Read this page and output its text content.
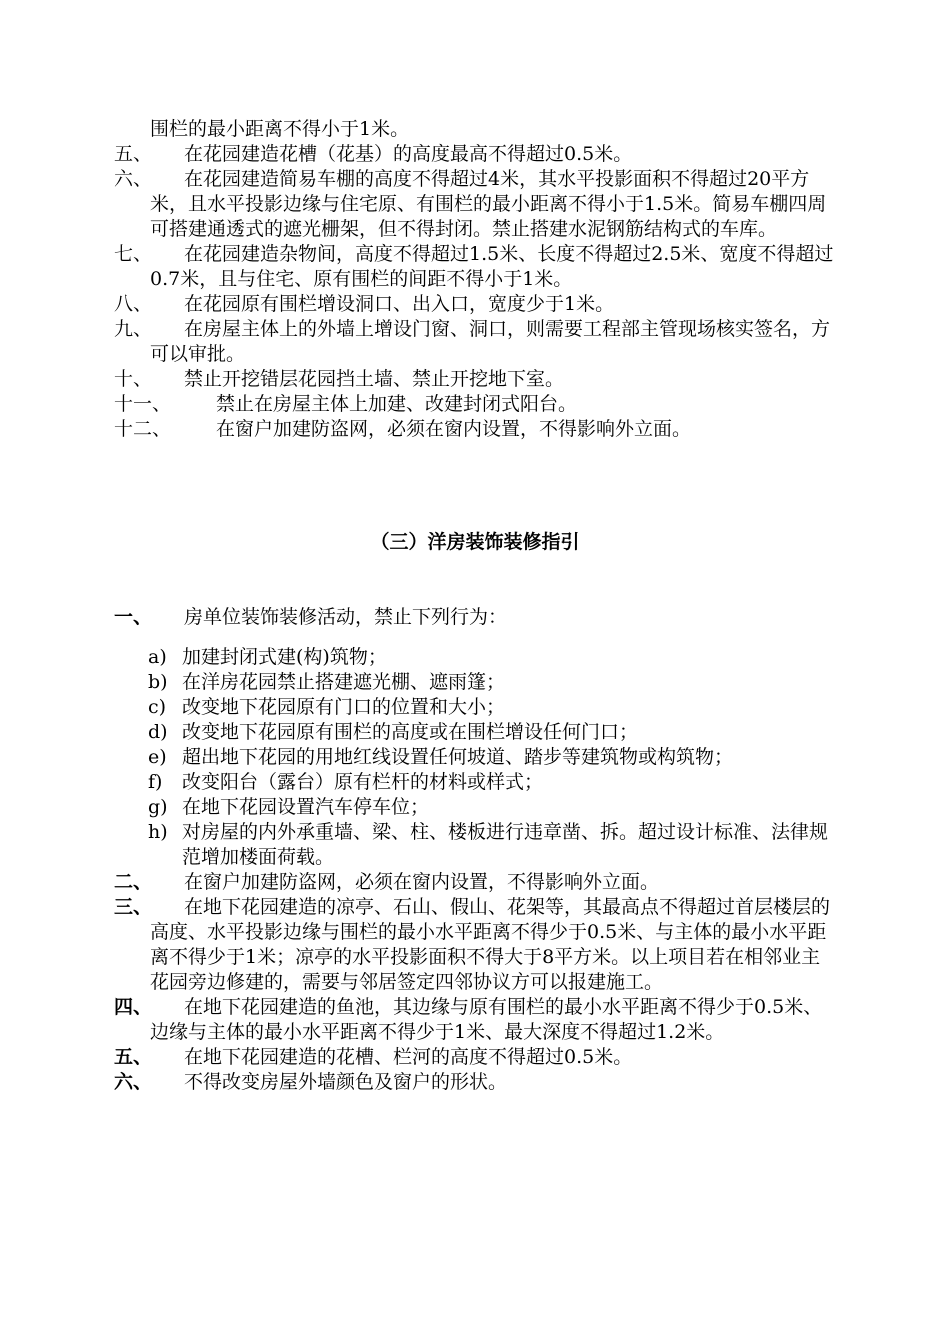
围栏的最小距离不得小于1米。

五、	在花园建造花槽（花基）的高度最高不得超过0.5米。
六、	在花园建造简易车棚的高度不得超过4米，其水平投影面积不得超过20平方米，且水平投影边缘与住宅原、有围栏的最小距离不得小于1.5米。简易车棚四周可搭建通透式的遮光栅架，但不得封闭。禁止搭建水泥钢筋结构式的车库。
七、	在花园建造杂物间，高度不得超过1.5米、长度不得超过2.5米、宽度不得超过0.7米，且与住宅、原有围栏的间距不得小于1米。
八、	在花园原有围栏增设洞口、出入口，宽度少于1米。
九、	在房屋主体上的外墙上增设门窗、洞口，则需要工程部主管现场核实签名，方可以审批。
十、	禁止开挖错层花园挡土墙、禁止开挖地下室。
十一、	禁止在房屋主体上加建、改建封闭式阳台。
十二、	在窗户加建防盗网，必须在窗内设置，不得影响外立面。
（三）洋房装饰装修指引
一、	房单位装饰装修活动，禁止下列行为：
a) 加建封闭式建(构)筑物；
b) 在洋房花园禁止搭建遮光棚、遮雨篷；
c) 改变地下花园原有门口的位置和大小；
d) 改变地下花园原有围栏的高度或在围栏增设任何门口；
e) 超出地下花园的用地红线设置任何坡道、踏步等建筑物或构筑物；
f) 改变阳台（露台）原有栏杆的材料或样式；
g) 在地下花园设置汽车停车位；
h) 对房屋的内外承重墙、梁、柱、楼板进行违章凿、拆。超过设计标准、法律规范增加楼面荷载。
二、	在窗户加建防盗网，必须在窗内设置，不得影响外立面。
三、	在地下花园建造的凉亭、石山、假山、花架等，其最高点不得超过首层楼层的高度、水平投影边缘与围栏的最小水平距离不得少于0.5米、与主体的最小水平距离不得少于1米；凉亭的水平投影面积不得大于8平方米。以上项目若在相邻业主花园旁边修建的，需要与邻居签定四邻协议方可以报建施工。
四、	在地下花园建造的鱼池，其边缘与原有围栏的最小水平距离不得少于0.5米、边缘与主体的最小水平距离不得少于1米、最大深度不得超过1.2米。
五、	在地下花园建造的花槽、栏河的高度不得超过0.5米。
六、	不得改变房屋外墙颜色及窗户的形状。
